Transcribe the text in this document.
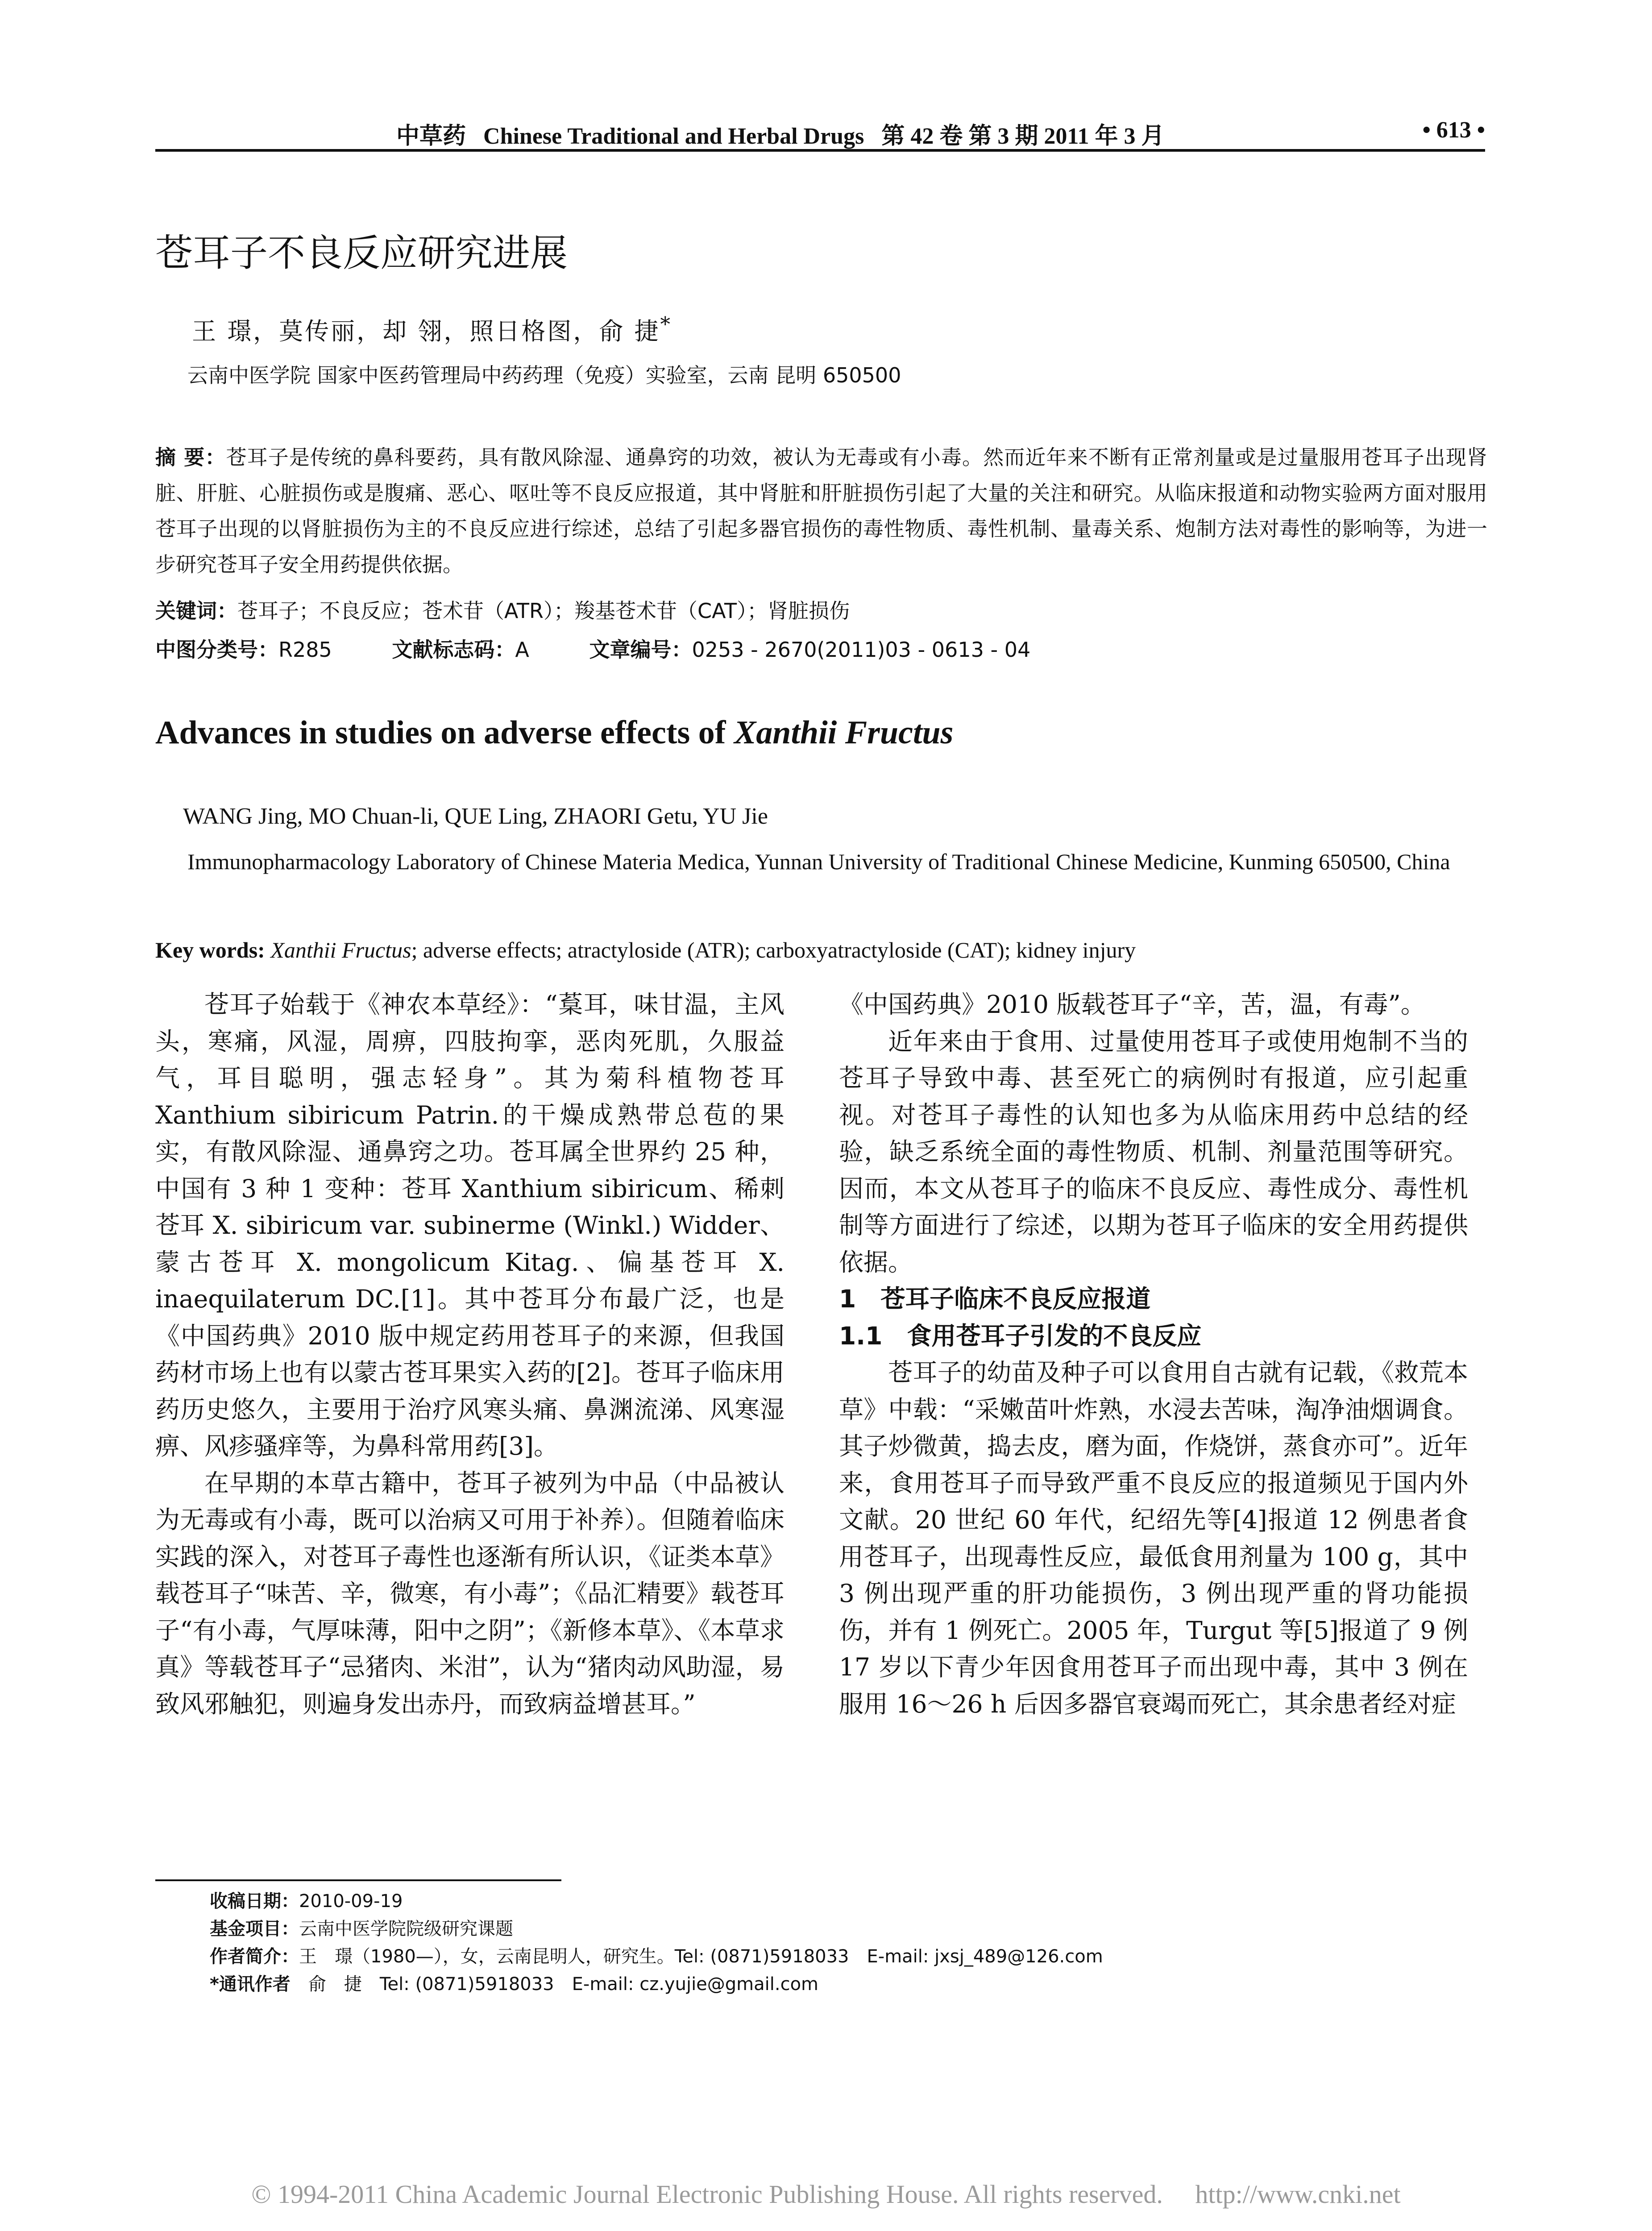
中草药 Chinese Traditional and Herbal Drugs 第 42 卷 第 3 期 2011 年 3 月	• 613 •
苍耳子不良反应研究进展
王 璟，莫传丽，却 翎，照日格图，俞 捷*
云南中医学院 国家中医药管理局中药药理（免疫）实验室，云南 昆明 650500
摘 要：苍耳子是传统的鼻科要药，具有散风除湿、通鼻窍的功效，被认为无毒或有小毒。然而近年来不断有正常剂量或是过量服用苍耳子出现肾脏、肝脏、心脏损伤或是腹痛、恶心、呕吐等不良反应报道，其中肾脏和肝脏损伤引起了大量的关注和研究。从临床报道和动物实验两方面对服用苍耳子出现的以肾脏损伤为主的不良反应进行综述，总结了引起多器官损伤的毒性物质、毒性机制、量毒关系、炮制方法对毒性的影响等，为进一步研究苍耳子安全用药提供依据。
关键词：苍耳子；不良反应；苍术苷（ATR）；羧基苍术苷（CAT）；肾脏损伤
中图分类号：R285	文献标志码：A	文章编号：0253 - 2670(2011)03 - 0613 - 04
Advances in studies on adverse effects of Xanthii Fructus
WANG Jing, MO Chuan-li, QUE Ling, ZHAORI Getu, YU Jie
Immunopharmacology Laboratory of Chinese Materia Medica, Yunnan University of Traditional Chinese Medicine, Kunming 650500, China
Key words: Xanthii Fructus; adverse effects; atractyloside (ATR); carboxyatractyloside (CAT); kidney injury

苍耳子始载于《神农本草经》：“葈耳，味甘温，主风头，寒痛，风湿，周痹，四肢拘挛，恶肉死肌，久服益气，耳目聪明，强志轻身”。其为菊科植物苍耳 Xanthium sibiricum Patrin.的干燥成熟带总苞的果实，有散风除湿、通鼻窍之功。苍耳属全世界约 25 种，中国有 3 种 1 变种：苍耳 Xanthium sibiricum、稀刺苍耳 X. sibiricum var. subinerme (Winkl.) Widder、蒙古苍耳 X. mongolicum Kitag.、偏基苍耳 X. inaequilaterum DC.[1]。其中苍耳分布最广泛，也是《中国药典》2010 版中规定药用苍耳子的来源，但我国药材市场上也有以蒙古苍耳果实入药的[2]。苍耳子临床用药历史悠久，主要用于治疗风寒头痛、鼻渊流涕、风寒湿痹、风疹骚痒等，为鼻科常用药[3]。

在早期的本草古籍中，苍耳子被列为中品（中品被认为无毒或有小毒，既可以治病又可用于补养）。但随着临床实践的深入，对苍耳子毒性也逐渐有所认识，《证类本草》载苍耳子“味苦、辛，微寒，有小毒”；《品汇精要》载苍耳子“有小毒，气厚味薄，阳中之阴”；《新修本草》、《本草求真》等载苍耳子“忌猪肉、米泔”，认为“猪肉动风助湿，易致风邪触犯，则遍身发出赤丹，而致病益增甚耳。”

《中国药典》2010 版载苍耳子“辛，苦，温，有毒”。

近年来由于食用、过量使用苍耳子或使用炮制不当的苍耳子导致中毒、甚至死亡的病例时有报道，应引起重视。对苍耳子毒性的认知也多为从临床用药中总结的经验，缺乏系统全面的毒性物质、机制、剂量范围等研究。因而，本文从苍耳子的临床不良反应、毒性成分、毒性机制等方面进行了综述，以期为苍耳子临床的安全用药提供依据。

1　苍耳子临床不良反应报道
1.1　食用苍耳子引发的不良反应

苍耳子的幼苗及种子可以食用自古就有记载，《救荒本草》中载：“采嫩苗叶炸熟，水浸去苦味，淘净油烟调食。其子炒微黄，捣去皮，磨为面，作烧饼，蒸食亦可”。近年来，食用苍耳子而导致严重不良反应的报道频见于国内外文献。20 世纪 60 年代，纪绍先等[4]报道 12 例患者食用苍耳子，出现毒性反应，最低食用剂量为 100 g，其中 3 例出现严重的肝功能损伤，3 例出现严重的肾功能损伤，并有 1 例死亡。2005 年，Turgut 等[5]报道了 9 例 17 岁以下青少年因食用苍耳子而出现中毒，其中 3 例在服用 16～26 h 后因多器官衰竭而死亡，其余患者经对症

收稿日期：2010-09-19
基金项目：云南中医学院院级研究课题
作者简介：王　璟（1980—），女，云南昆明人，研究生。Tel: (0871)5918033　E-mail: jxsj_489@126.com
*通讯作者　 俞　捷　Tel: (0871)5918033　E-mail: cz.yujie@gmail.com
© 1994-2011 China Academic Journal Electronic Publishing House. All rights reserved.　 http://www.cnki.net
